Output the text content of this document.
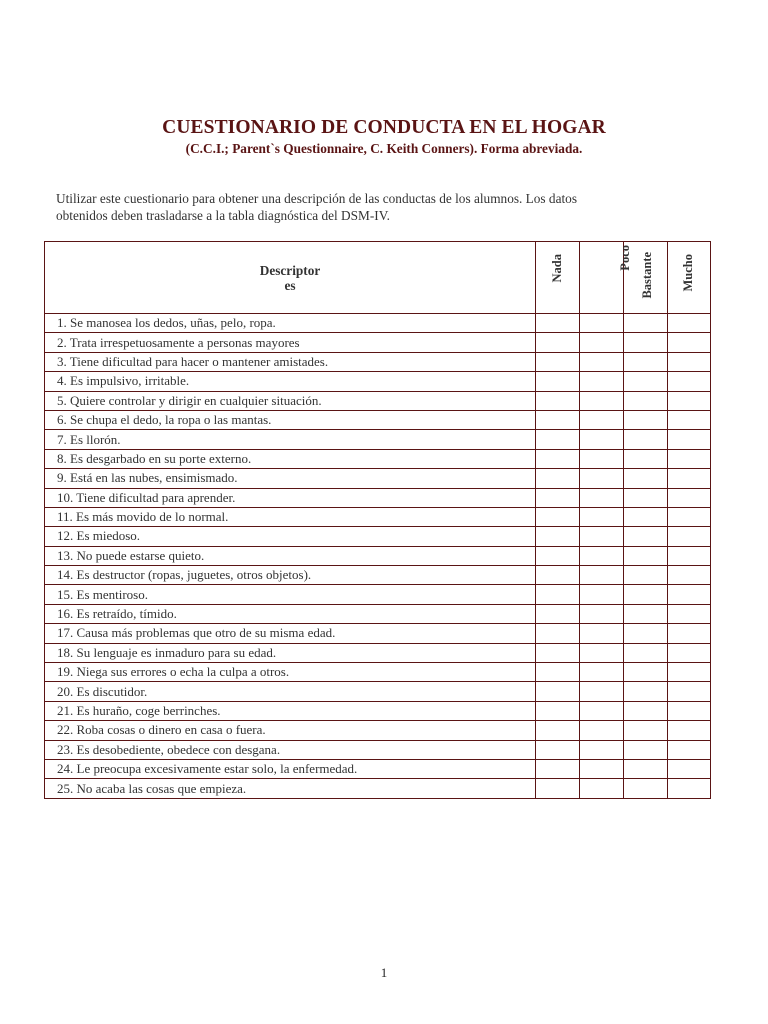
CUESTIONARIO DE CONDUCTA EN EL HOGAR
(C.C.I.; Parent`s Questionnaire, C. Keith Conners). Forma abreviada.
Utilizar este cuestionario para obtener una descripción de las conductas de los alumnos. Los datos
obtenidos deben trasladarse a la tabla diagnóstica del DSM-IV.
Descriptor
es	Nada	Poco	Bastante	Mucho

1. Se manosea los dedos, uñas, pelo, ropa.				
2. Trata irrespetuosamente a personas mayores				
3. Tiene dificultad para hacer o mantener amistades.				
4. Es impulsivo, irritable.				
5. Quiere controlar y dirigir en cualquier situación.				
6. Se chupa el dedo, la ropa o las mantas.				
7. Es llorón.				
8. Es desgarbado en su porte externo.				
9. Está en las nubes, ensimismado.				
10. Tiene dificultad para aprender.				
11. Es más movido de lo normal.				
12. Es miedoso.				
13. No puede estarse quieto.				
14. Es destructor (ropas, juguetes, otros objetos).				
15. Es mentiroso.				
16. Es retraído, tímido.				
17. Causa más problemas que otro de su misma edad.				
18. Su lenguaje es inmaduro para su edad.				
19. Niega sus errores o echa la culpa a otros.				
20. Es discutidor.				
21. Es huraño, coge berrinches.				
22. Roba cosas o dinero en casa o fuera.				
23. Es desobediente, obedece con desgana.				
24. Le preocupa excesivamente estar solo, la enfermedad.				
25. No acaba las cosas que empieza.				
1
